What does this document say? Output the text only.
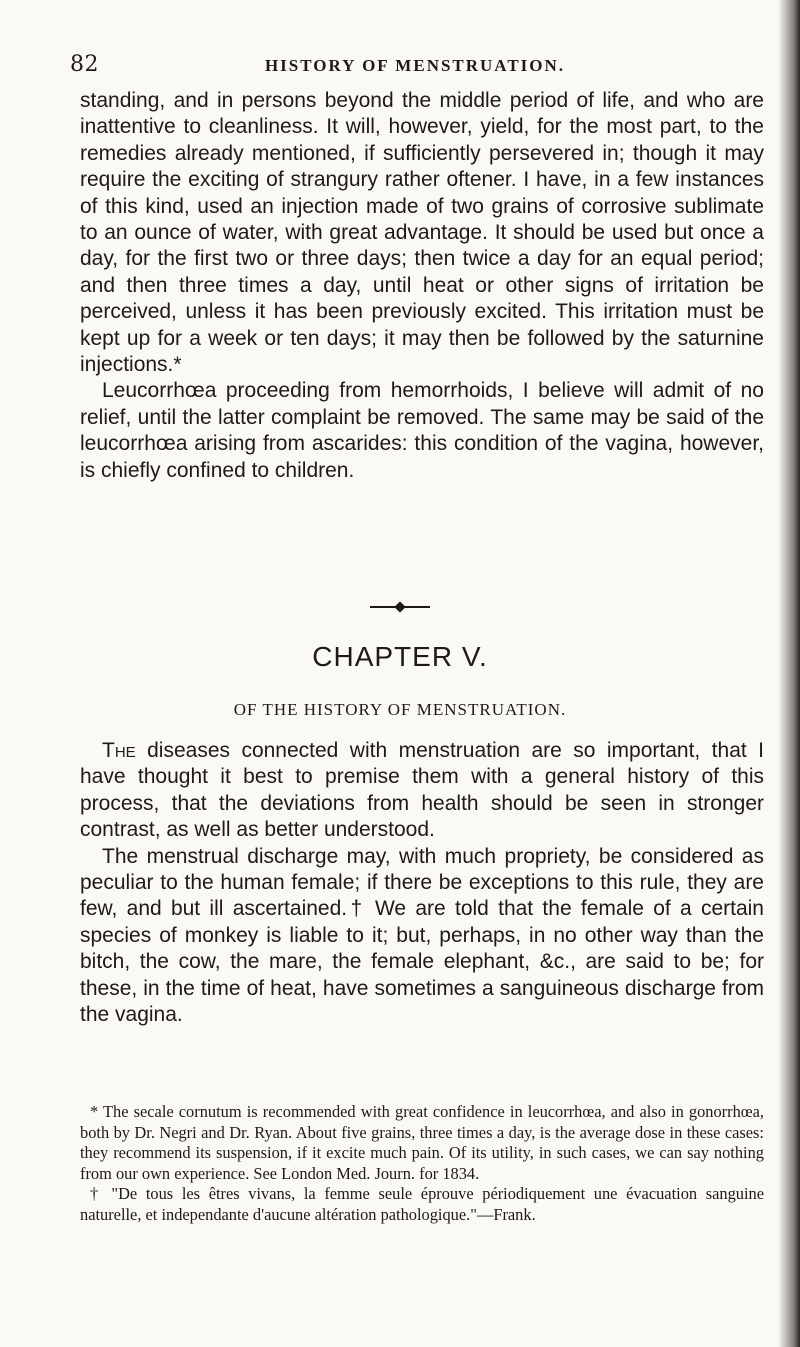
82	HISTORY OF MENSTRUATION.

standing, and in persons beyond the middle period of life, and who are inattentive to cleanliness. It will, however, yield, for the most part, to the remedies already mentioned, if sufficiently persevered in; though it may require the exciting of strangury rather oftener. I have, in a few instances of this kind, used an injection made of two grains of corrosive sublimate to an ounce of water, with great advantage. It should be used but once a day, for the first two or three days; then twice a day for an equal period; and then three times a day, until heat or other signs of irritation be perceived, unless it has been previously excited. This irritation must be kept up for a week or ten days; it may then be followed by the saturnine injections.*

Leucorrhœa proceeding from hemorrhoids, I believe will admit of no relief, until the latter complaint be removed. The same may be said of the leucorrhœa arising from ascarides: this condition of the vagina, however, is chiefly confined to children.

CHAPTER V.
OF THE HISTORY OF MENSTRUATION.

The diseases connected with menstruation are so important, that I have thought it best to premise them with a general history of this process, that the deviations from health should be seen in stronger contrast, as well as better understood.

The menstrual discharge may, with much propriety, be considered as peculiar to the human female; if there be exceptions to this rule, they are few, and but ill ascertained.† We are told that the female of a certain species of monkey is liable to it; but, perhaps, in no other way than the bitch, the cow, the mare, the female elephant, &c., are said to be; for these, in the time of heat, have sometimes a sanguineous discharge from the vagina.

* The secale cornutum is recommended with great confidence in leucorrhœa, and also in gonorrhœa, both by Dr. Negri and Dr. Ryan. About five grains, three times a day, is the average dose in these cases: they recommend its suspension, if it excite much pain. Of its utility, in such cases, we can say nothing from our own experience. See London Med. Journ. for 1834.

† "De tous les êtres vivans, la femme seule éprouve périodiquement une évacuation sanguine naturelle, et independante d'aucune altération pathologique."—Frank.
